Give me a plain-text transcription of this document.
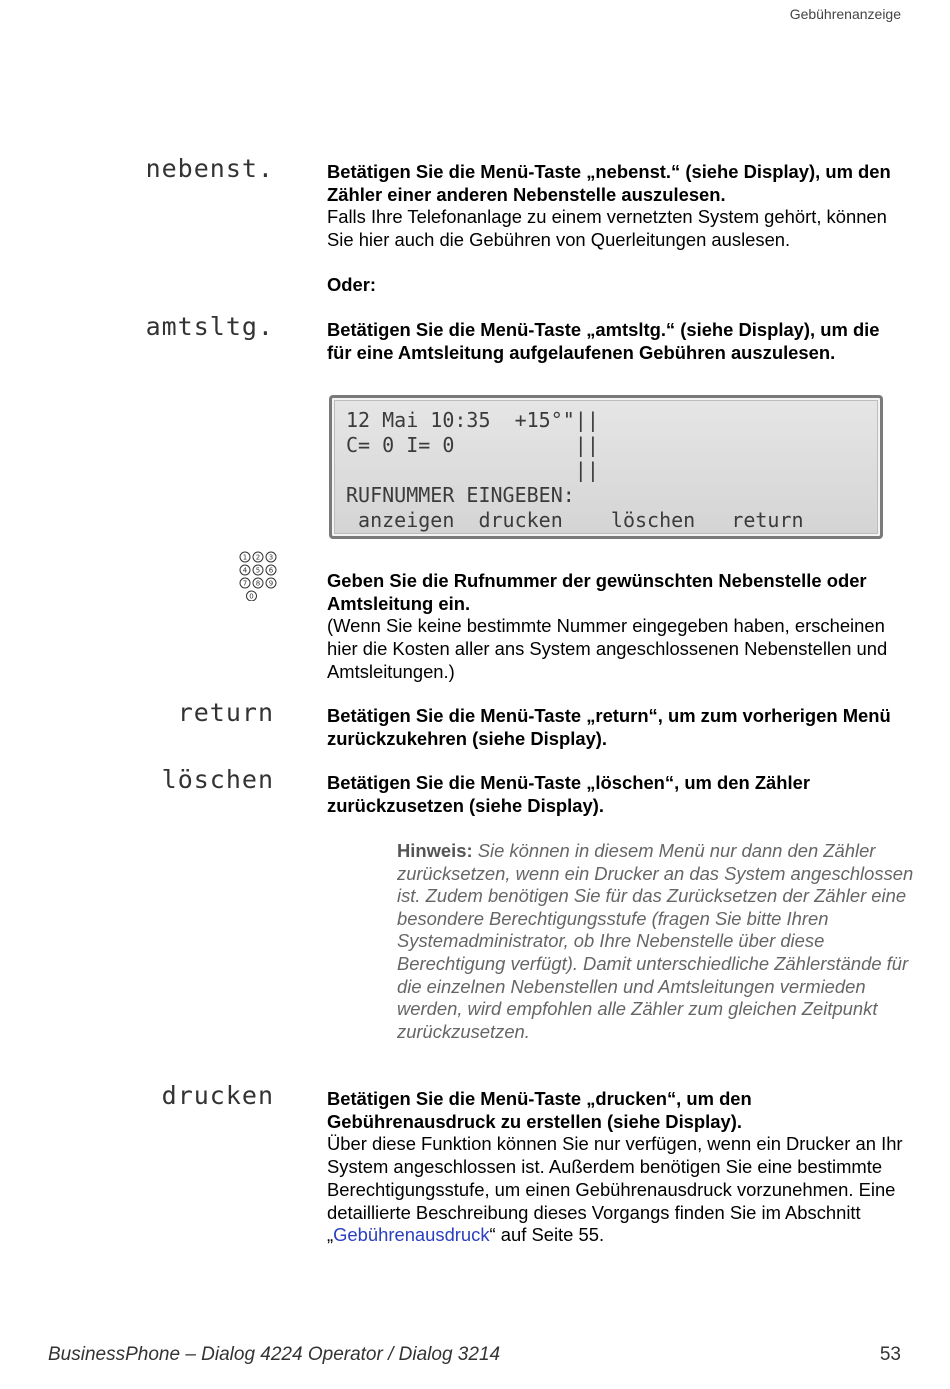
Gebührenanzeige
nebenst.	Betätigen Sie die Menü-Taste „nebenst.“ (siehe Display), um den Zähler einer anderen Nebenstelle auszulesen.
Falls Ihre Telefonanlage zu einem vernetzten System gehört, können Sie hier auch die Gebühren von Querleitungen auslesen.
Oder:
amtsltg.	Betätigen Sie die Menü-Taste „amtsltg.“ (siehe Display), um die für eine Amtsleitung aufgelaufenen Gebühren auszulesen.
12 Mai 10:35  +15°"||
C= 0 I= 0          ||
||
RUFNUMMER EINGEBEN:
anzeigen  drucken    löschen   return
1 2 3
4 5 6
7 8 9
0
Geben Sie die Rufnummer der gewünschten Nebenstelle oder Amtsleitung ein.
(Wenn Sie keine bestimmte Nummer eingegeben haben, erscheinen hier die Kosten aller ans System angeschlossenen Nebenstellen und Amtsleitungen.)
return	Betätigen Sie die Menü-Taste „return“, um zum vorherigen Menü zurückzukehren (siehe Display).
löschen	Betätigen Sie die Menü-Taste „löschen“, um den Zähler zurückzusetzen (siehe Display).
Hinweis: Sie können in diesem Menü nur dann den Zähler zurücksetzen, wenn ein Drucker an das System angeschlossen ist. Zudem benötigen Sie für das Zurücksetzen der Zähler eine besondere Berechtigungsstufe (fragen Sie bitte Ihren Systemadministrator, ob Ihre Nebenstelle über diese Berechtigung verfügt). Damit unterschiedliche Zählerstände für die einzelnen Nebenstellen und Amtsleitungen vermieden werden, wird empfohlen alle Zähler zum gleichen Zeitpunkt zurückzusetzen.
drucken	Betätigen Sie die Menü-Taste „drucken“, um den Gebührenausdruck zu erstellen (siehe Display).
Über diese Funktion können Sie nur verfügen, wenn ein Drucker an Ihr System angeschlossen ist. Außerdem benötigen Sie eine bestimmte Berechtigungsstufe, um einen Gebührenausdruck vorzunehmen. Eine detaillierte Beschreibung dieses Vorgangs finden Sie im Abschnitt „Gebührenausdruck“ auf Seite 55.
BusinessPhone – Dialog 4224 Operator / Dialog 3214	53
